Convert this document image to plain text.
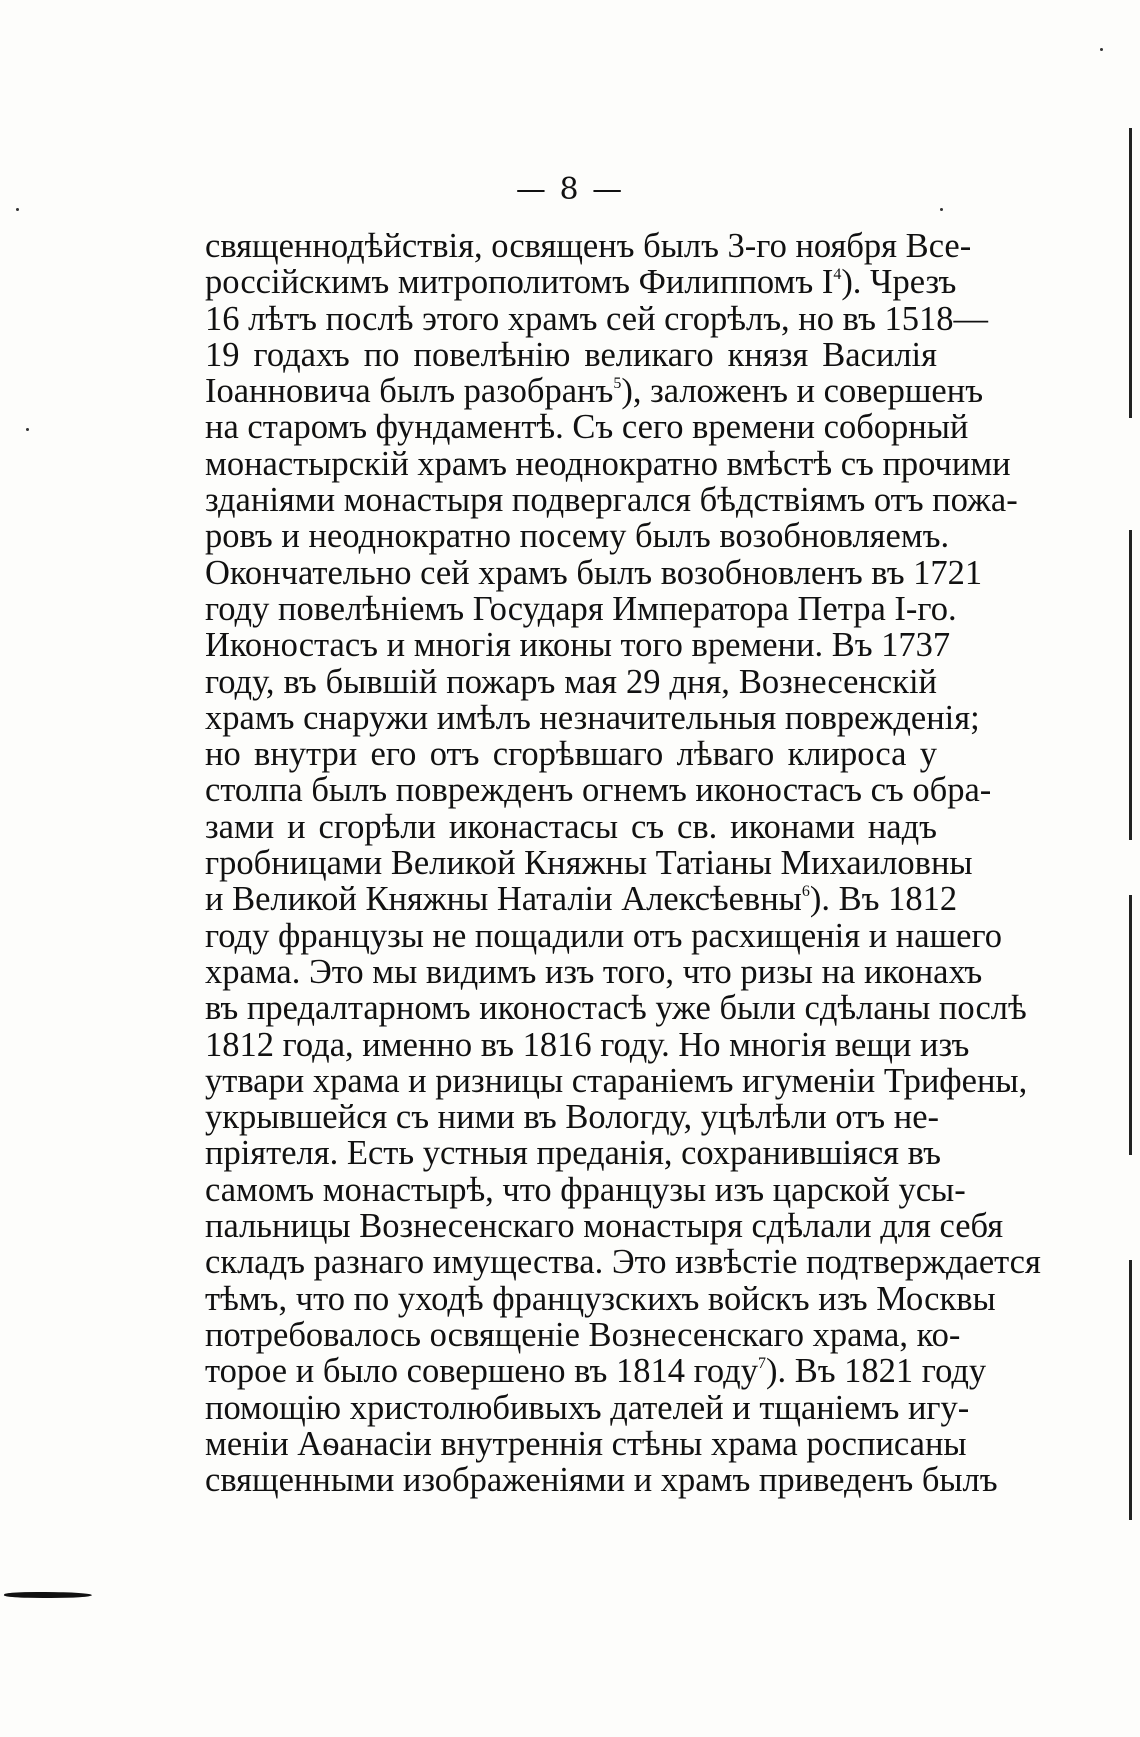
— 8 —
священнодѣйствія, освященъ былъ 3-го ноября Все-
россійскимъ митрополитомъ Филиппомъ $I^4$). Чрезъ
16 лѣтъ послѣ этого храмъ сей сгорѣлъ, но въ 1518—
19 годахъ по повелѣнію великаго князя Василія
Іоанновича былъ разобранъ$^5$), заложенъ и совершенъ
на старомъ фундаментѣ. Съ сего времени соборный
монастырскій храмъ неоднократно вмѣстѣ съ прочими
зданіями монастыря подвергался бѣдствіямъ отъ пожа-
ровъ и неоднократно посему былъ возобновляемъ.
Окончательно сей храмъ былъ возобновленъ въ 1721
году повелѣніемъ Государя Императора Петра I-го.
Иконостасъ и многія иконы того времени. Въ 1737
году, въ бывшій пожаръ мая 29 дня, Вознесенскій
храмъ снаружи имѣлъ незначительныя поврежденія;
но внутри его отъ сгорѣвшаго лѣваго клироса у
столпа былъ поврежденъ огнемъ иконостасъ съ обра-
зами и сгорѣли иконастасы съ св. иконами надъ
гробницами Великой Княжны Татіаны Михаиловны
и Великой Княжны Наталіи Алексѣевны$^6$). Въ 1812
году французы не пощадили отъ расхищенія и нашего
храма. Это мы видимъ изъ того, что ризы на иконахъ
въ предалтарномъ иконостасѣ уже были сдѣланы послѣ
1812 года, именно въ 1816 году. Но многія вещи изъ
утвари храма и ризницы стараніемъ игуменіи Трифены,
укрывшейся съ ними въ Вологду, уцѣлѣли отъ не-
пріятеля. Есть устныя преданія, сохранившіяся въ
самомъ монастырѣ, что французы изъ царской усы-
пальницы Вознесенскаго монастыря сдѣлали для себя
складъ разнаго имущества. Это извѣстіе подтверждается
тѣмъ, что по уходѣ французскихъ войскъ изъ Москвы
потребовалось освященіе Вознесенскаго храма, ко-
торое и было совершено въ 1814 году$^7$). Въ 1821 году
помощію христолюбивыхъ дателей и тщаніемъ игу-
меніи Аѳанасіи внутреннія стѣны храма росписаны
священными изображеніями и храмъ приведенъ былъ
